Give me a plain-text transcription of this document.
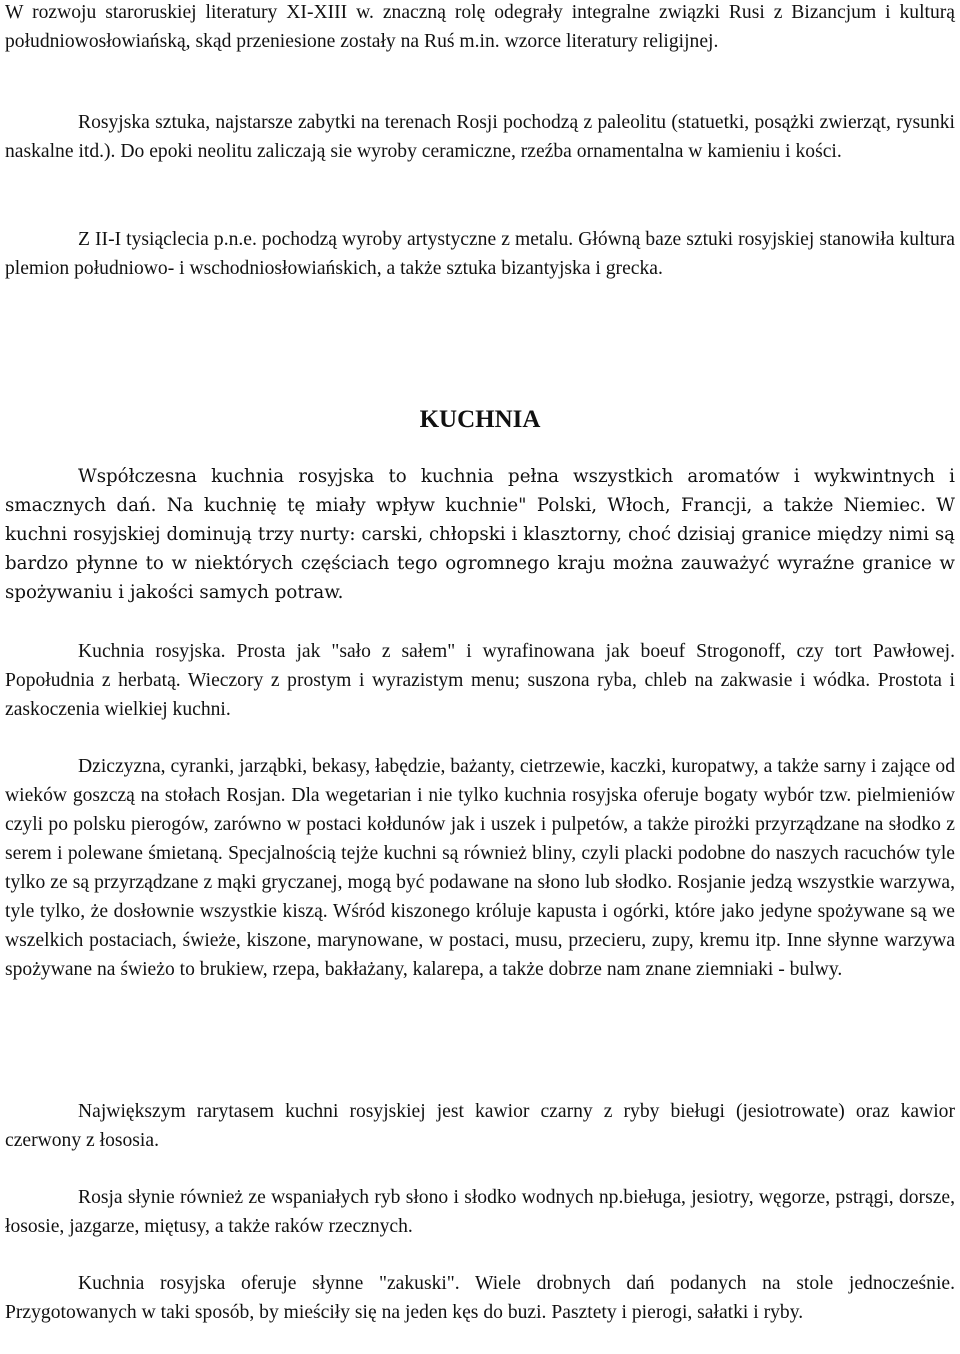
W rozwoju staroruskiej literatury XI-XIII w. znaczną rolę odegrały integralne związki Rusi z Bizancjum i kulturą południowosłowiańską, skąd przeniesione zostały na Ruś m.in. wzorce literatury religijnej.

Rosyjska sztuka, najstarsze zabytki na terenach Rosji pochodzą z paleolitu (statuetki, posążki zwierząt, rysunki naskalne itd.). Do epoki neolitu zaliczają sie wyroby ceramiczne, rzeźba ornamentalna w kamieniu i kości.

Z II-I tysiąclecia p.n.e. pochodzą wyroby artystyczne z metalu. Główną baze sztuki rosyjskiej stanowiła kultura plemion południowo- i wschodniosłowiańskich, a także sztuka bizantyjska i grecka.

KUCHNIA

Współczesna kuchnia rosyjska to kuchnia pełna wszystkich aromatów i wykwintnych i smacznych dań. Na kuchnię tę miały wpływ kuchnie" Polski, Włoch, Francji, a także Niemiec. W kuchni rosyjskiej dominują trzy nurty: carski, chłopski i klasztorny, choć dzisiaj granice między nimi są bardzo płynne to w niektórych częściach tego ogromnego kraju można zauważyć wyraźne granice w spożywaniu i jakości samych potraw.

Kuchnia rosyjska. Prosta jak "sało z sałem" i wyrafinowana jak boeuf Strogonoff, czy tort Pawłowej. Popołudnia z herbatą. Wieczory z prostym i wyrazistym menu; suszona ryba, chleb na zakwasie i wódka. Prostota i zaskoczenia wielkiej kuchni.

Dziczyzna, cyranki, jarząbki, bekasy, łabędzie, bażanty, cietrzewie, kaczki, kuropatwy, a także sarny i zające od wieków goszczą na stołach Rosjan. Dla wegetarian i nie tylko kuchnia rosyjska oferuje bogaty wybór tzw. pielmieniów czyli po polsku pierogów, zarówno w postaci kołdunów jak i uszek i pulpetów, a także pirożki przyrządzane na słodko z serem i polewane śmietaną. Specjalnością tejże kuchni są również bliny, czyli placki podobne do naszych racuchów tyle tylko ze są przyrządzane z mąki gryczanej, mogą być podawane na słono lub słodko. Rosjanie jedzą wszystkie warzywa, tyle tylko, że dosłownie wszystkie kiszą. Wśród kiszonego króluje kapusta i ogórki, które jako jedyne spożywane są we wszelkich postaciach, świeże, kiszone, marynowane, w postaci, musu, przecieru, zupy, kremu itp. Inne słynne warzywa spożywane na świeżo to brukiew, rzepa, bakłażany, kalarepa, a także dobrze nam znane ziemniaki - bulwy.

Największym rarytasem kuchni rosyjskiej jest kawior czarny z ryby bieługi (jesiotrowate) oraz kawior czerwony z łososia.

Rosja słynie również ze wspaniałych ryb słono i słodko wodnych np.bieługa, jesiotry, węgorze, pstrągi, dorsze, łososie, jazgarze, miętusy, a także raków rzecznych.

Kuchnia rosyjska oferuje słynne "zakuski". Wiele drobnych dań podanych na stole jednocześnie. Przygotowanych w taki sposób, by mieściły się na jeden kęs do buzi. Pasztety i pierogi, sałatki i ryby.
